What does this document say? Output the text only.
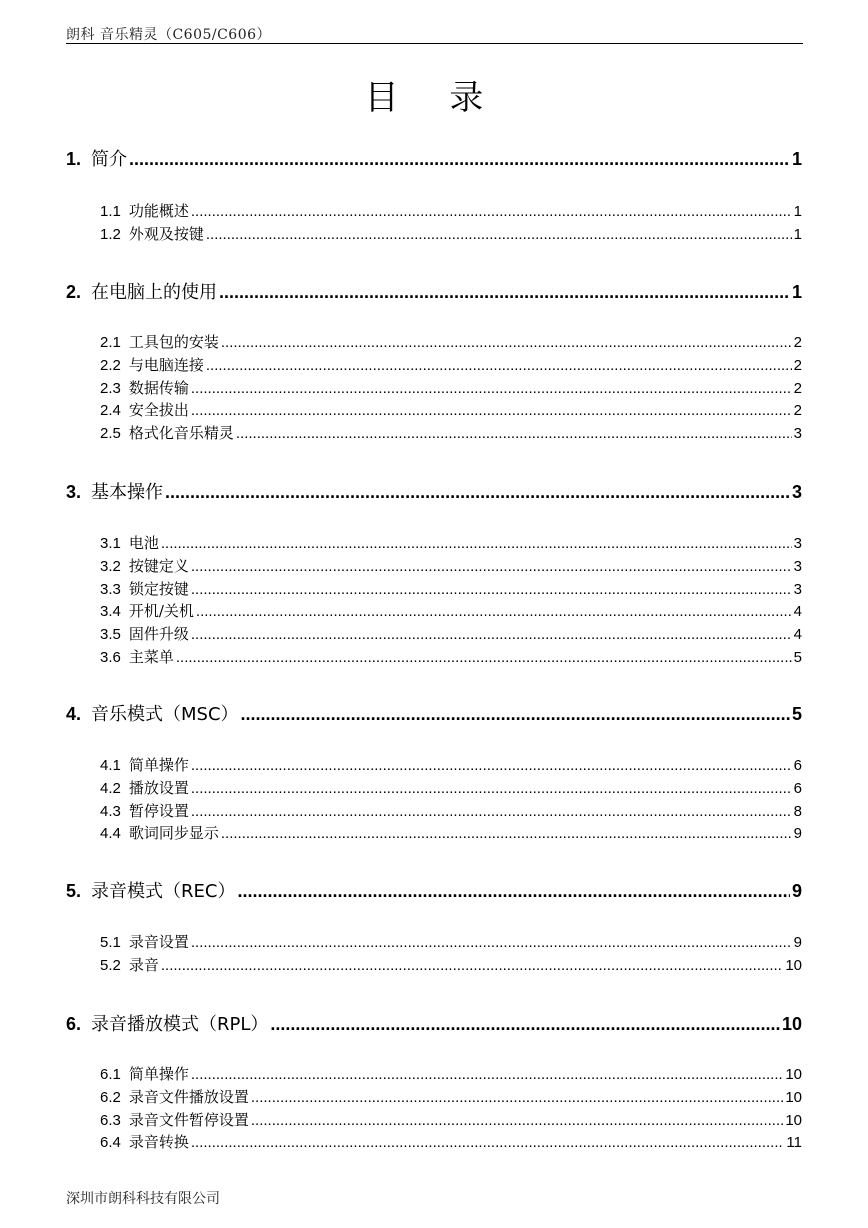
朗科 音乐精灵（C605/C606）
目 录
1. 简介 .....	1
1.1 功能概述 .....	1
1.2 外观及按键 .....	1
2. 在电脑上的使用 .....	1
2.1 工具包的安装 .....	2
2.2 与电脑连接 .....	2
2.3 数据传输 .....	2
2.4 安全拔出 .....	2
2.5 格式化音乐精灵 .....	3
3. 基本操作 .....	3
3.1 电池 .....	3
3.2 按键定义 .....	3
3.3 锁定按键 .....	3
3.4 开机/关机 .....	4
3.5 固件升级 .....	4
3.6 主菜单 .....	5
4. 音乐模式（MSC） .....	5
4.1 简单操作 .....	6
4.2 播放设置 .....	6
4.3 暂停设置 .....	8
4.4 歌词同步显示 .....	9
5. 录音模式（REC） .....	9
5.1 录音设置 .....	9
5.2 录音 .....	10
6. 录音播放模式（RPL） .....	10
6.1 简单操作 .....	10
6.2 录音文件播放设置 .....	10
6.3 录音文件暂停设置 .....	10
6.4 录音转换 .....	11
深圳市朗科科技有限公司
